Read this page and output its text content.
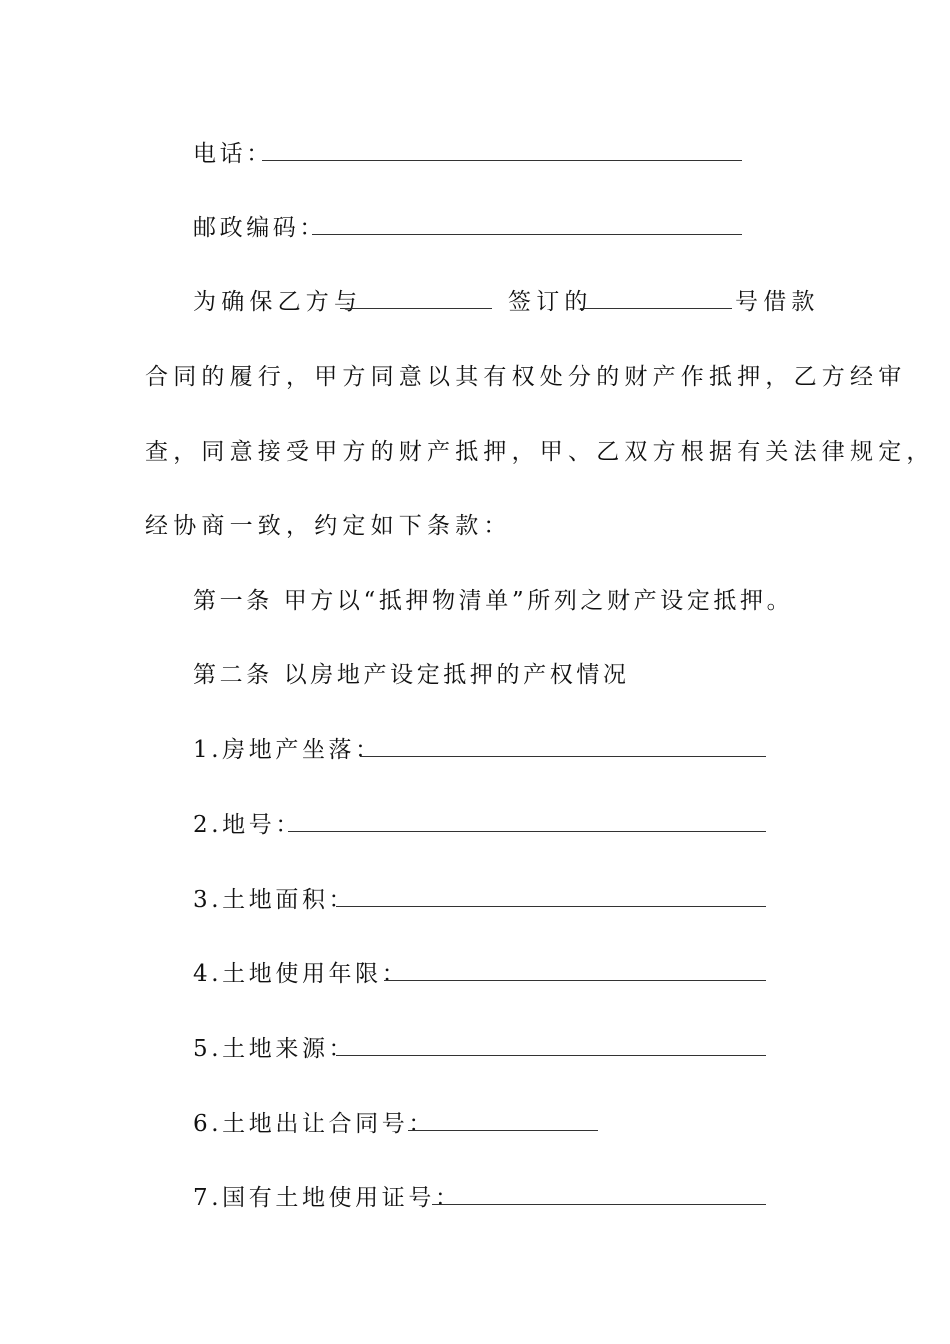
电话：
邮政编码：
为确保乙方与	签订的	号借款
合同的履行，甲方同意以其有权处分的财产作抵押，乙方经审
查，同意接受甲方的财产抵押，甲、乙双方根据有关法律规定，
经协商一致，约定如下条款：
第一条 甲方以“抵押物清单”所列之财产设定抵押。
第二条 以房地产设定抵押的产权情况
1.房地产坐落：
2.地号：
3.土地面积：
4.土地使用年限：
5.土地来源：
6.土地出让合同号：
7.国有土地使用证号：
